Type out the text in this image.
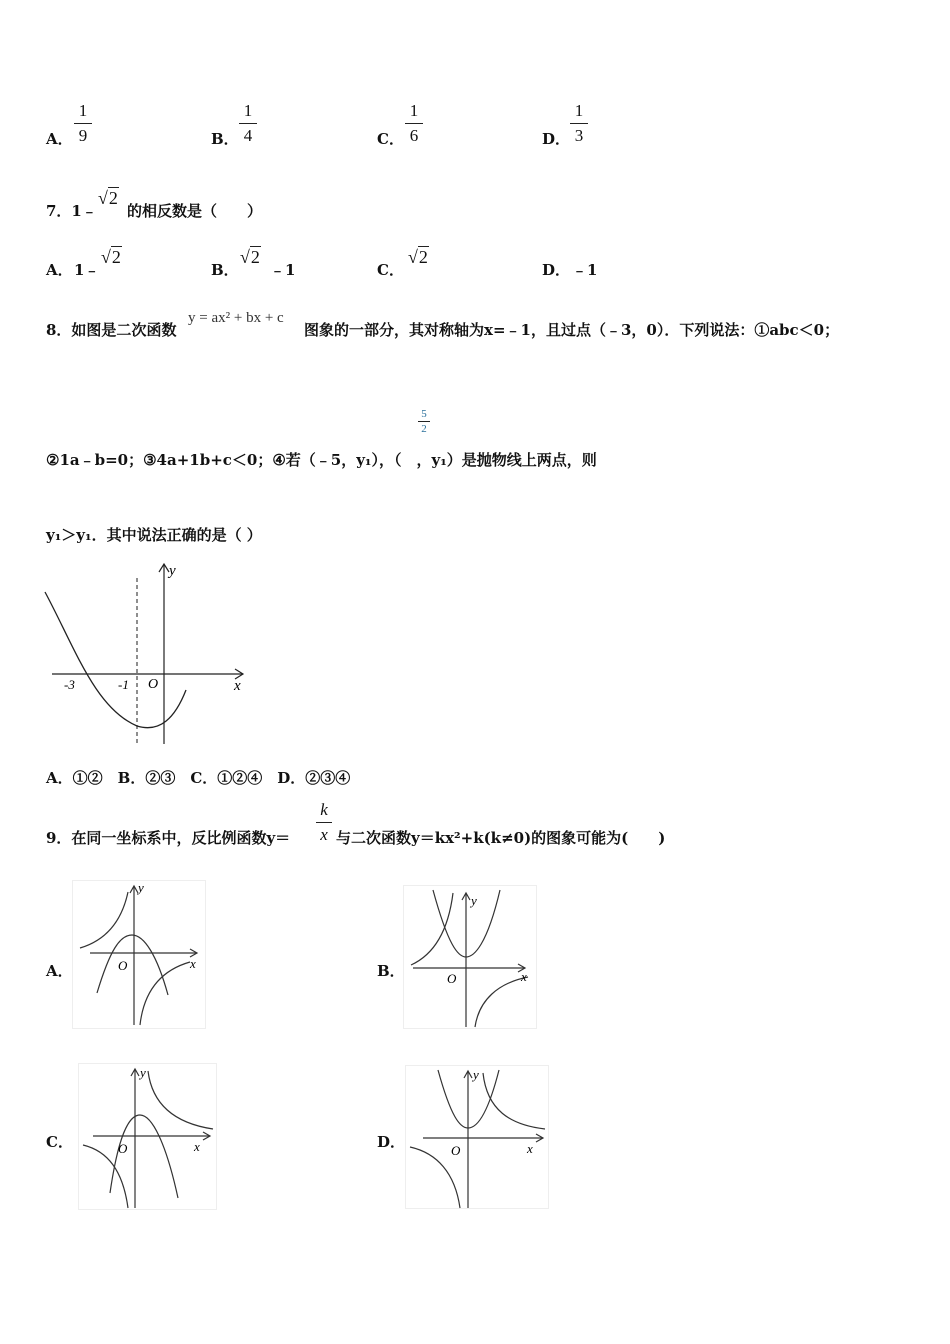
A．
1
9	B．
1
4	C．
1
6	D．
1
3
7．1﹣
√2
的相反数是（　　）
A． 1﹣
√2
B．
√2
﹣1	C．
√2
D． ﹣1
8．如图是二次函数
y = ax² + bx + c
图象的一部分，其对称轴为x=﹣1，且过点（﹣3，0）．下列说法：①abc＜0；
5
2
②1a﹣b=0；③4a+1b+c＜0；④若（﹣5，y₁），（　，y₁）是抛物线上两点，则
y₁＞y₁．其中说法正确的是（ ）
y
x
O
-3	-1
A．①②　B．②③　C．①②④　D．②③④
9．在同一坐标系中，反比例函数y＝
k
x 与二次函数y＝kx²+k(k≠0)的图象可能为(　　)
A．
y
x
O	B．
y
x
O
C．
y
x
O	D．
y
x
O
